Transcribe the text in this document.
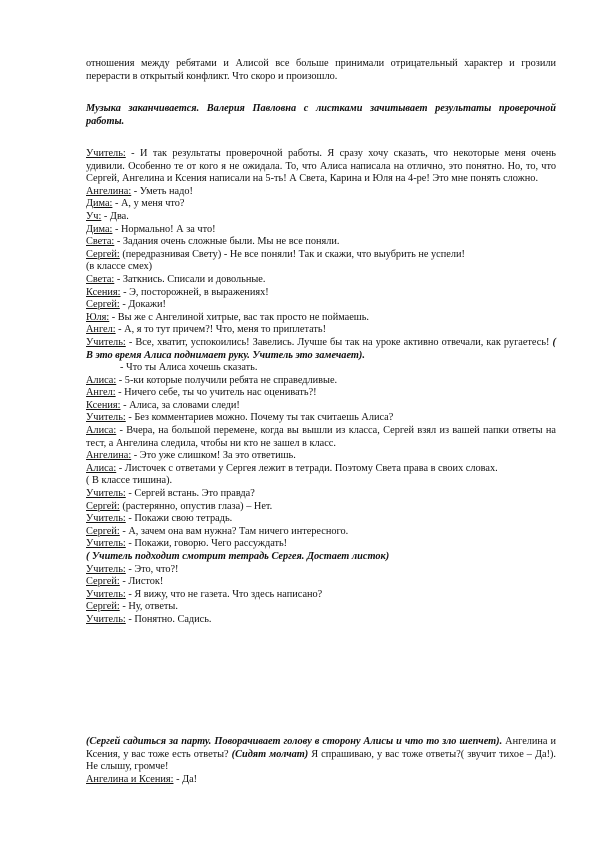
отношения между ребятами и Алисой все больше принимали отрицательный характер и грозили перерасти в открытый конфликт. Что скоро и произошло.
Музыка заканчивается. Валерия Павловна с листками зачитывает результаты проверочной работы.
Учитель: - И так результаты проверочной работы. Я сразу хочу сказать, что некоторые меня очень удивили. Особенно те от кого я не ожидала. То, что Алиса написала на отлично, это понятно. Но, то, что Сергей, Ангелина и Ксения написали на 5-ть! А Света, Карина и Юля на 4-ре! Это мне понять сложно.
Ангелина: - Уметь надо!
Дима: - А, у меня что?
Уч: - Два.
Дима: - Нормально! А за что!
Света: - Задания очень сложные были. Мы не все поняли.
Сергей: (передразнивая Свету) - Не все поняли! Так и скажи, что выубрить не успели!
(в классе смех)
Света: - Заткнись. Списали и довольные.
Ксения: - Э, посторожней, в выражениях!
Сергей: - Докажи!
Юля: - Вы же с Ангелиной хитрые, вас так просто не поймаешь.
Ангел: - А, я то тут причем?! Что, меня то приплетать!
Учитель: - Все, хватит, успокоились! Завелись. Лучше бы так на уроке активно отвечали, как ругаетесь! ( В это время Алиса поднимает руку. Учитель это замечает).
- Что ты Алиса хочешь сказать.
Алиса: - 5-ки которые получили ребята не справедливые.
Ангел: - Ничего себе, ты чо учитель нас оценивать?!
Ксения: - Алиса, за словами следи!
Учитель: - Без комментариев можно. Почему ты так считаешь Алиса?
Алиса: - Вчера, на большой перемене, когда вы вышли из класса, Сергей взял из вашей папки ответы на тест, а Ангелина следила, чтобы ни кто не зашел в класс.
Ангелина: - Это уже слишком! За это ответишь.
Алиса: - Листочек с ответами у Сергея лежит в тетради. Поэтому Света права в своих словах.
( В классе тишина).
Учитель: - Сергей встань. Это правда?
Сергей: (растерянно, опустив глаза) – Нет.
Учитель: - Покажи свою тетрадь.
Сергей: - А, зачем она вам нужна? Там ничего интересного.
Учитель: - Покажи, говорю. Чего рассуждать!
( Учитель подходит смотрит тетрадь Сергея. Достает листок)
Учитель: - Это, что?!
Сергей: - Листок!
Учитель: - Я вижу, что не газета. Что здесь написано?
Сергей: - Ну, ответы.
Учитель: - Понятно. Садись.
(Сергей садиться за парту. Поворачивает голову в сторону Алисы и что то зло шепчет). Ангелина и Ксения, у вас тоже есть ответы? (Сидят молчат) Я спрашиваю, у вас тоже ответы?( звучит тихое – Да!). Не слышу, громче!
Ангелина и Ксения: - Да!
